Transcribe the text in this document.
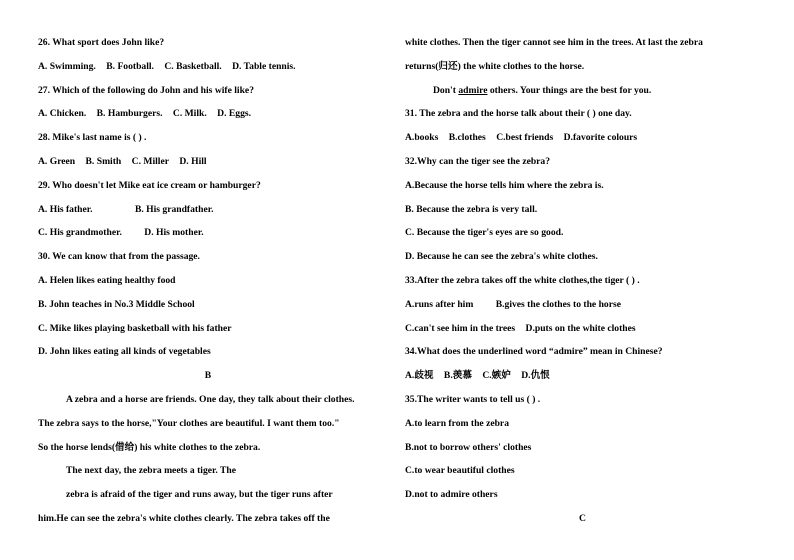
26. What sport does John like?
A. Swimming. B. Football. C. Basketball. D. Table tennis.
27. Which of the following do John and his wife like?
A. Chicken. B. Hamburgers. C. Milk. D. Eggs.
28. Mike's last name is ( ) .
A. Green B. Smith C. Miller D. Hill
29. Who doesn't let Mike eat ice cream or hamburger?
A. His father.	B. His grandfather.
C. His grandmother. D. His mother.
30. We can know that from the passage.
A. Helen likes eating healthy food
B. John teaches in No.3 Middle School
C. Mike likes playing basketball with his father
D. John likes eating all kinds of vegetables
B
A zebra and a horse are friends. One day, they talk about their clothes.
The zebra says to the horse,"Your clothes are beautiful. I want them too."
So the horse lends(借给) his white clothes to the zebra.
The next day, the zebra meets a tiger. The
zebra is afraid of the tiger and runs away, but the tiger runs after
him.He can see the zebra's white clothes clearly. The zebra takes off the
white clothes. Then the tiger cannot see him in the trees. At last the zebra
returns(归还) the white clothes to the horse.
Don't admire others. Your things are the best for you.
31. The zebra and the horse talk about their ( ) one day.
A.books B.clothes C.best friends D.favorite colours
32.Why can the tiger see the zebra?
A.Because the horse tells him where the zebra is.
B. Because the zebra is very tall.
C. Because the tiger's eyes are so good.
D. Because he can see the zebra's white clothes.
33.After the zebra takes off the white clothes,the tiger ( ) .
A.runs after him B.gives the clothes to the horse
C.can't see him in the trees D.puts on the white clothes
34.What does the underlined word “admire” mean in Chinese?
A.歧视 B.羡慕 C.嫉妒 D.仇恨
35.The writer wants to tell us ( ) .
A.to learn from the zebra
B.not to borrow others' clothes
C.to wear beautiful clothes
D.not to admire others
C
